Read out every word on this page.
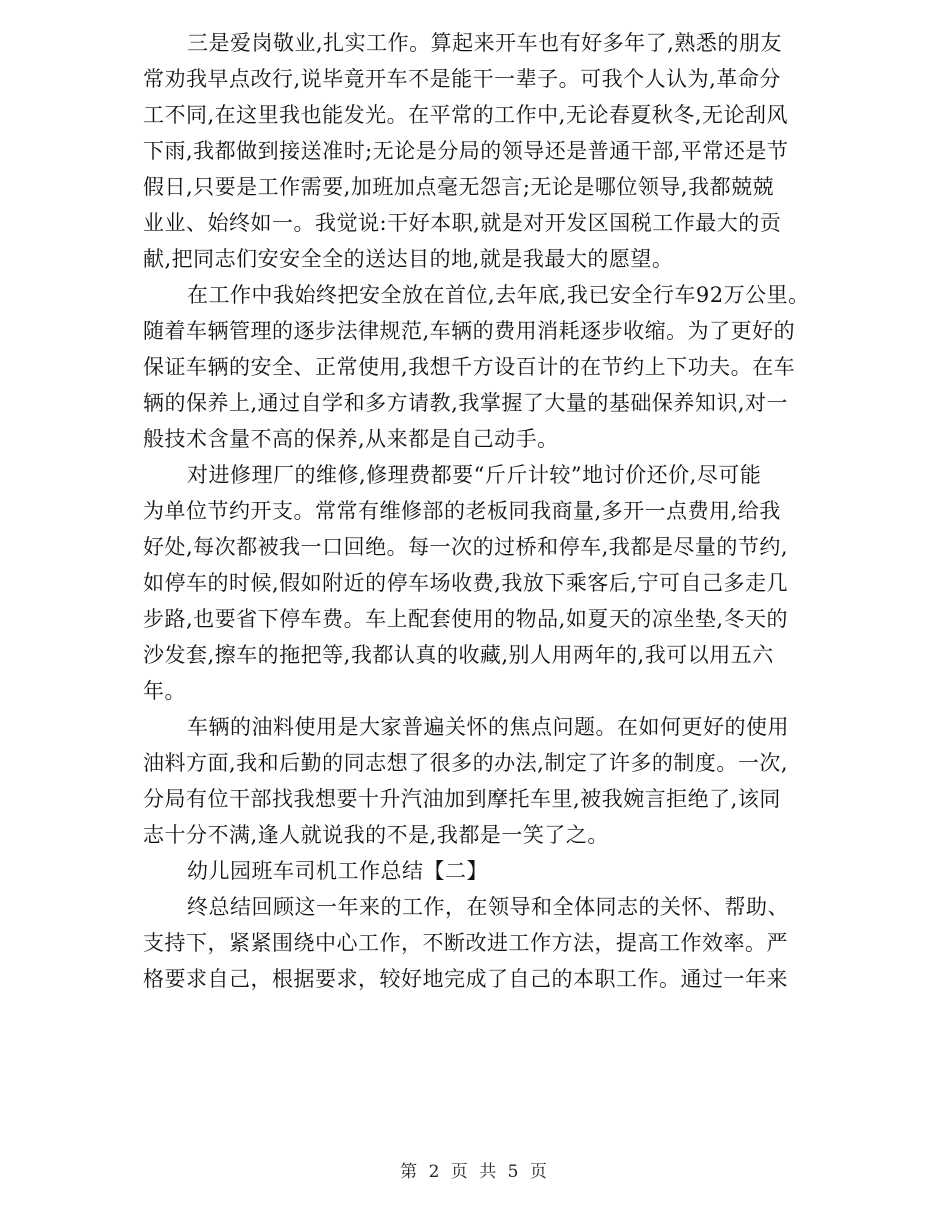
三是爱岗敬业,扎实工作。算起来开车也有好多年了,熟悉的朋友
常劝我早点改行,说毕竟开车不是能干一辈子。可我个人认为,革命分
工不同,在这里我也能发光。在平常的工作中,无论春夏秋冬,无论刮风
下雨,我都做到接送准时;无论是分局的领导还是普通干部,平常还是节
假日,只要是工作需要,加班加点毫无怨言;无论是哪位领导,我都兢兢
业业、始终如一。我觉说:干好本职,就是对开发区国税工作最大的贡
献,把同志们安安全全的送达目的地,就是我最大的愿望。
在工作中我始终把安全放在首位,去年底,我已安全行车92万公里。
随着车辆管理的逐步法律规范,车辆的费用消耗逐步收缩。为了更好的
保证车辆的安全、正常使用,我想千方设百计的在节约上下功夫。在车
辆的保养上,通过自学和多方请教,我掌握了大量的基础保养知识,对一
般技术含量不高的保养,从来都是自己动手。
对进修理厂的维修,修理费都要“斤斤计较”地讨价还价,尽可能
为单位节约开支。常常有维修部的老板同我商量,多开一点费用,给我
好处,每次都被我一口回绝。每一次的过桥和停车,我都是尽量的节约,
如停车的时候,假如附近的停车场收费,我放下乘客后,宁可自己多走几
步路,也要省下停车费。车上配套使用的物品,如夏天的凉坐垫,冬天的
沙发套,擦车的拖把等,我都认真的收藏,别人用两年的,我可以用五六
年。
车辆的油料使用是大家普遍关怀的焦点问题。在如何更好的使用
油料方面,我和后勤的同志想了很多的办法,制定了许多的制度。一次,
分局有位干部找我想要十升汽油加到摩托车里,被我婉言拒绝了,该同
志十分不满,逢人就说我的不是,我都是一笑了之。
幼儿园班车司机工作总结【二】
终总结回顾这一年来的工作，在领导和全体同志的关怀、帮助、
支持下，紧紧围绕中心工作，不断改进工作方法，提高工作效率。严
格要求自己，根据要求，较好地完成了自己的本职工作。通过一年来
第 2 页 共 5 页
